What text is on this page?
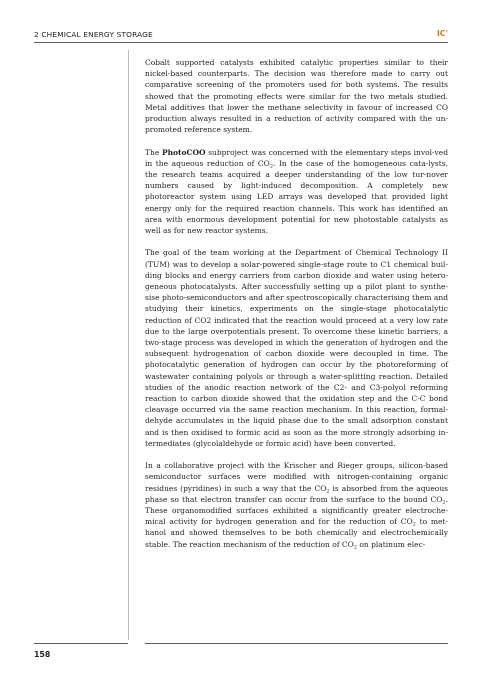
2 CHEMICAL ENERGY STORAGE	$IC^x$

Cobalt supported catalysts exhibited catalytic properties similar to their nickel-based counterparts. The decision was therefore made to carry out comparative screening of the promoters used for both systems. The results showed that the promoting effects were similar for the two metals studied. Metal additives that lower the methane selectivity in favour of increased CO production always resulted in a reduction of activity compared with the un-promoted reference system.

The PhotoCOO subproject was concerned with the elementary steps invol-ved in the aqueous reduction of $CO_2$. In the case of the homogeneous cata-lysts, the research teams acquired a deeper understanding of the low tur-nover numbers caused by light-induced decomposition. A completely new photoreactor system using LED arrays was developed that provided light energy only for the required reaction channels. This work has identified an area with enormous development potential for new photostable catalysts as well as for new reactor systems.

The goal of the team working at the Department of Chemical Technology II (TUM) was to develop a solar-powered single-stage route to C1 chemical buil-ding blocks and energy carriers from carbon dioxide and water using hetero-geneous photocatalysts. After successfully setting up a pilot plant to synthe-sise photo-semiconductors and after spectroscopically characterising them and studying their kinetics, experiments on the single-stage photocatalytic reduction of CO2 indicated that the reaction would proceed at a very low rate due to the large overpotentials present. To overcome these kinetic barriers, a two-stage process was developed in which the generation of hydrogen and the subsequent hydrogenation of carbon dioxide were decoupled in time. The photocatalytic generation of hydrogen can occur by the photoreforming of wastewater containing polyols or through a water-splitting reaction. Detailed studies of the anodic reaction network of the C2- and C3-polyol reforming reaction to carbon dioxide showed that the oxidation step and the C-C bond cleavage occurred via the same reaction mechanism. In this reaction, formal-dehyde accumulates in the liquid phase due to the small adsorption constant and is then oxidised to formic acid as soon as the more strongly adsorbing in-termediates (glycolaldehyde or formic acid) have been converted.

In a collaborative project with the Krischer and Rieger groups, silicon-based semiconductor surfaces were modified with nitrogen-containing organic residues (pyridines) in such a way that the $CO_2$ is absorbed from the aqueous phase so that electron transfer can occur from the surface to the bound $CO_2$. These organomodified surfaces exhibited a significantly greater electroche-mical activity for hydrogen generation and for the reduction of $CO_2$ to met-hanol and showed themselves to be both chemically and electrochemically stable. The reaction mechanism of the reduction of $CO_2$ on platinum elec-

158
